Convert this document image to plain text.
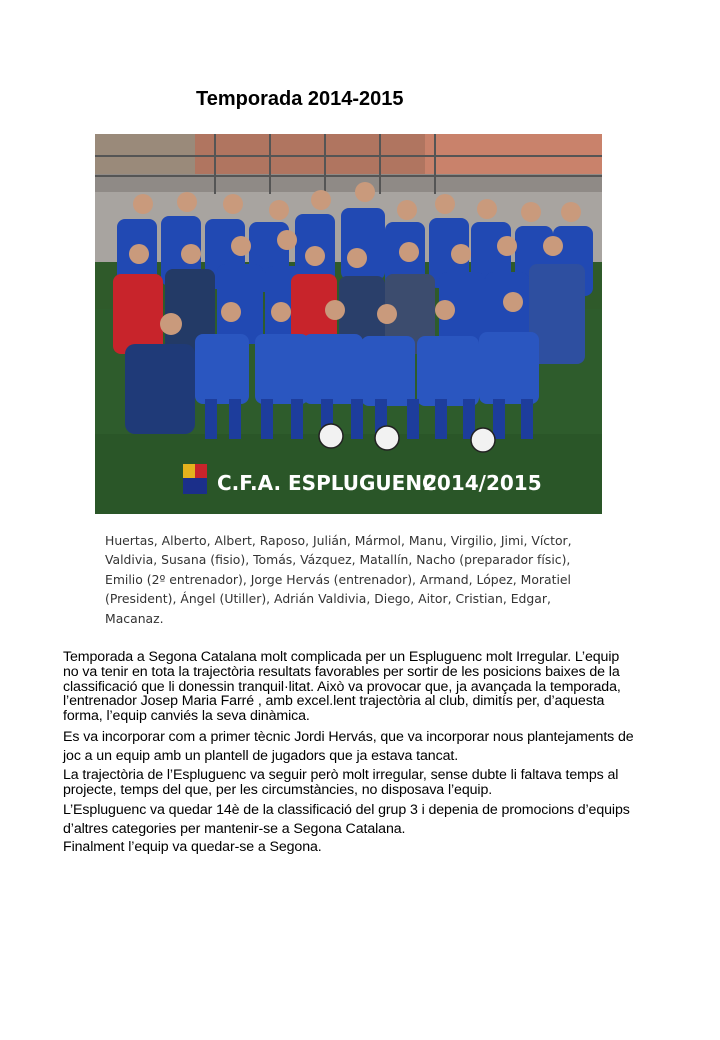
Temporada 2014-2015
C.F.A. ESPLUGUENC
2014/2015
Huertas, Alberto, Albert, Raposo, Julián, Mármol, Manu, Virgilio, Jimi, Víctor, Valdivia, Susana (fisio), Tomás, Vázquez, Matallín, Nacho (preparador físic), Emilio (2º entrenador), Jorge Hervás (entrenador), Armand, López, Moratiel (President), Ángel (Utiller), Adrián Valdivia, Diego, Aitor, Cristian, Edgar, Macanaz.

Temporada a Segona Catalana molt complicada per un Espluguenc molt Irregular. L’equip no va tenir en tota la trajectòria resultats favorables per sortir de les posicions baixes de la classificació que li donessin tranquil·litat. Això va provocar que, ja avançada la temporada, l’entrenador Josep Maria Farré , amb excel.lent trajectòria al club, dimitís per, d’aquesta forma, l’equip canviés la seva dinàmica.

Es va incorporar com a primer tècnic Jordi Hervás, que va incorporar nous plantejaments de joc a un equip amb un plantell de jugadors que ja estava tancat.

La trajectòria de l’Espluguenc va seguir però molt irregular, sense dubte li faltava temps al projecte, temps del que, per les circumstàncies, no disposava l’equip.

L’Espluguenc va quedar 14è de la classificació del grup 3 i depenia de promocions d’equips d’altres categories per mantenir-se a Segona Catalana.

Finalment l’equip va quedar-se a Segona.
